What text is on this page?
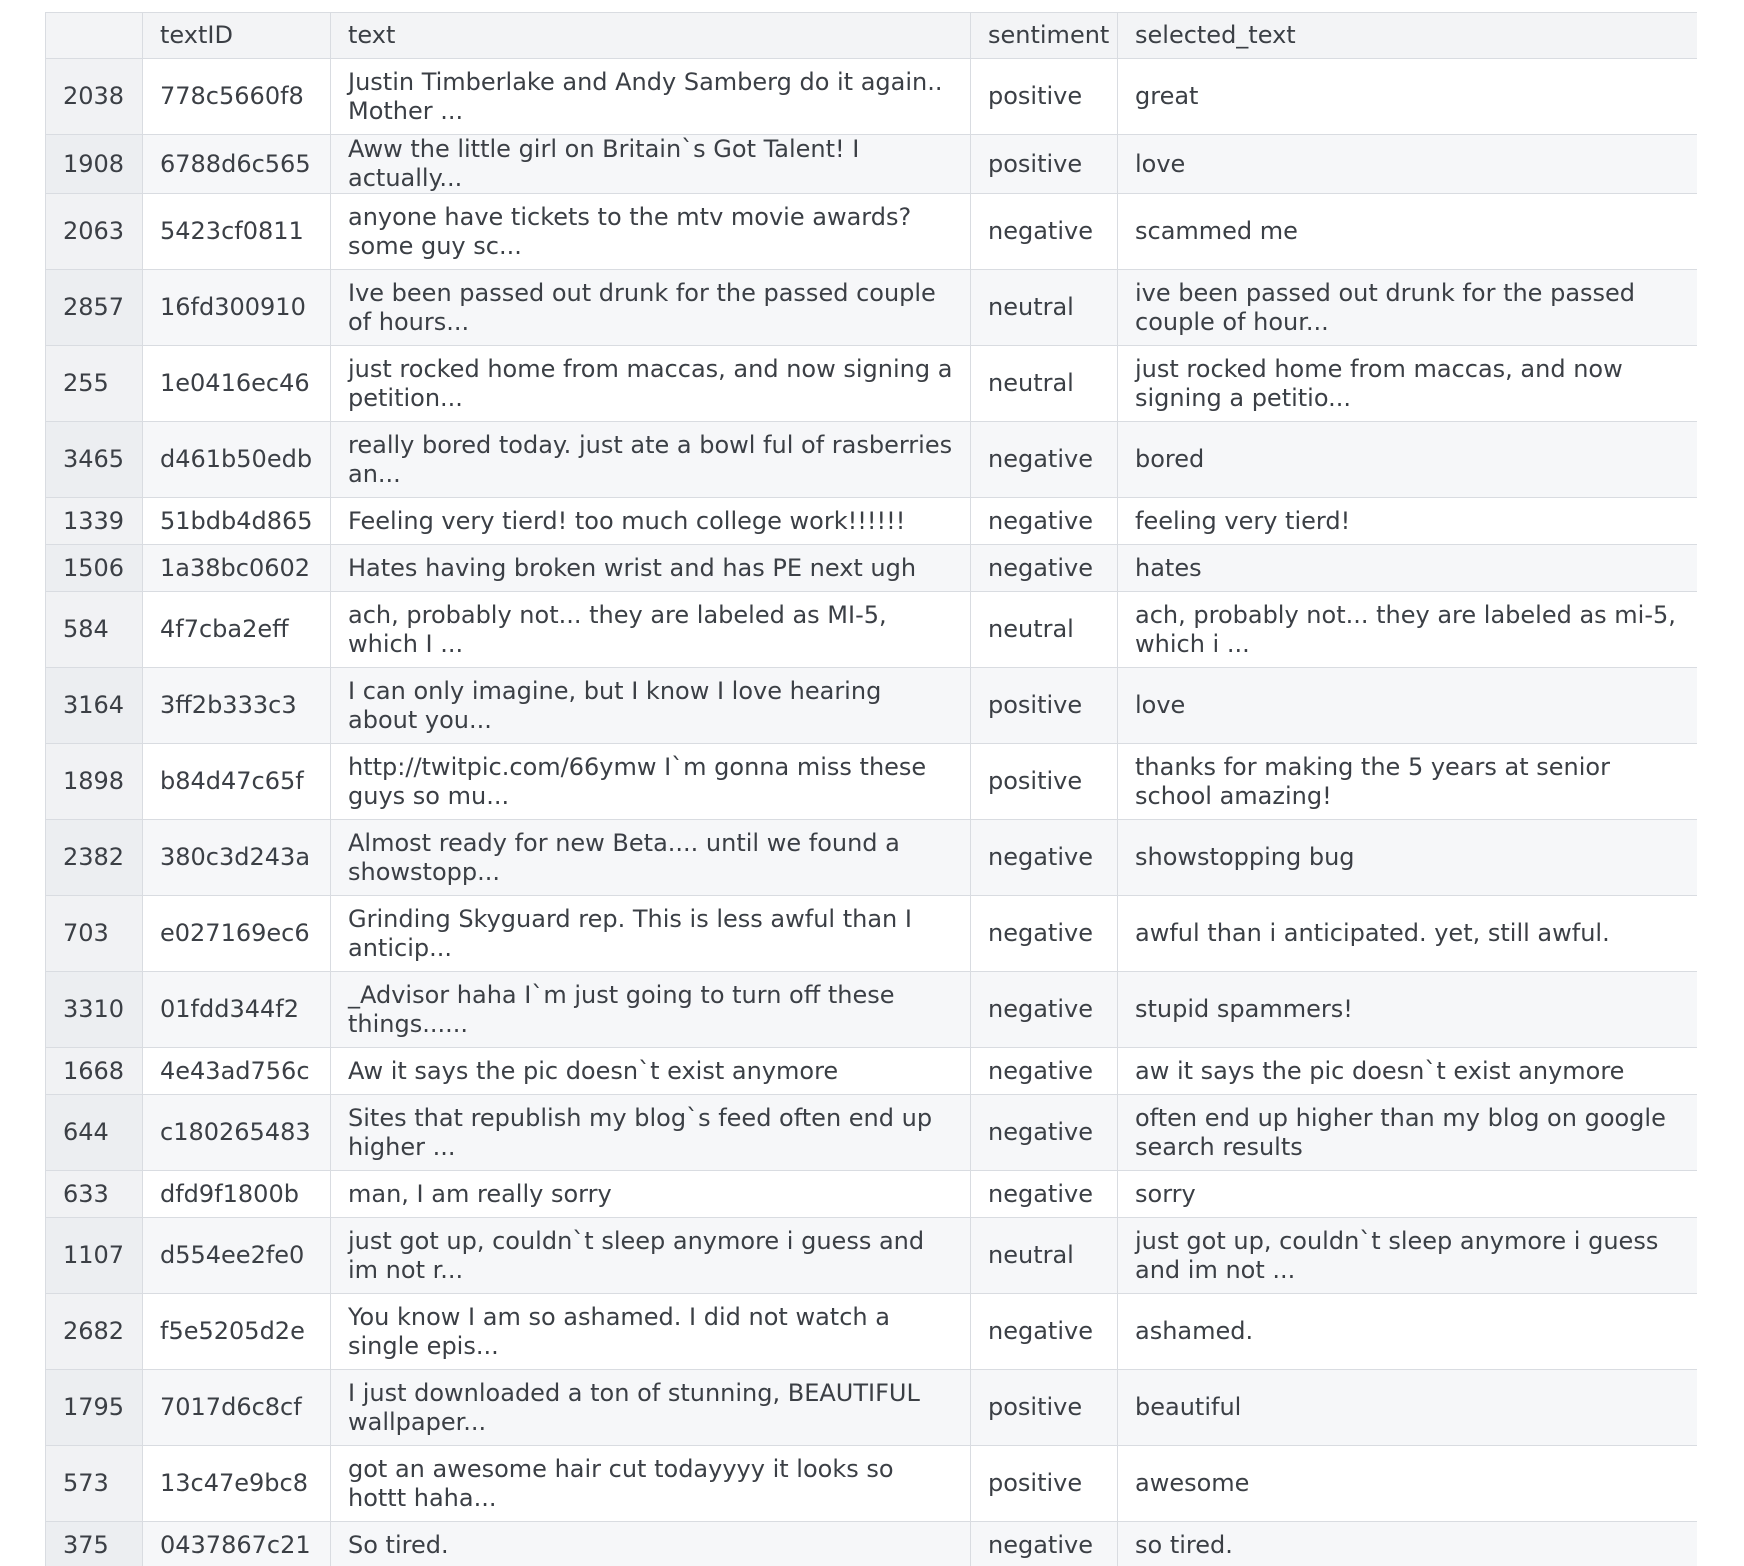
	textID	text	sentiment	selected_text
2038	778c5660f8	Justin Timberlake and Andy Samberg do it again.. Mother ...	positive	great
1908	6788d6c565	Aww the little girl on Britain`s Got Talent! I actually...	positive	love
2063	5423cf0811	anyone have tickets to the mtv movie awards? some guy sc...	negative	scammed me
2857	16fd300910	Ive been passed out drunk for the passed couple of hours...	neutral	ive been passed out drunk for the passed couple of hour...
255	1e0416ec46	just rocked home from maccas, and now signing a petition...	neutral	just rocked home from maccas, and now signing a petitio...
3465	d461b50edb	really bored today. just ate a bowl ful of rasberries an...	negative	bored
1339	51bdb4d865	Feeling very tierd! too much college work!!!!!!	negative	feeling very tierd!
1506	1a38bc0602	Hates having broken wrist and has PE next ugh	negative	hates
584	4f7cba2eff	ach, probably not... they are labeled as MI-5, which I ...	neutral	ach, probably not... they are labeled as mi-5, which i ...
3164	3ff2b333c3	I can only imagine, but I know I love hearing about you...	positive	love
1898	b84d47c65f	http://twitpic.com/66ymw I`m gonna miss these guys so mu...	positive	thanks for making the 5 years at senior school amazing!
2382	380c3d243a	Almost ready for new Beta.... until we found a showstopp...	negative	showstopping bug
703	e027169ec6	Grinding Skyguard rep. This is less awful than I anticip...	negative	awful than i anticipated. yet, still awful.
3310	01fdd344f2	_Advisor haha I`m just going to turn off these things......	negative	stupid spammers!
1668	4e43ad756c	Aw it says the pic doesn`t exist anymore	negative	aw it says the pic doesn`t exist anymore
644	c180265483	Sites that republish my blog`s feed often end up higher ...	negative	often end up higher than my blog on google search results
633	dfd9f1800b	man, I am really sorry	negative	sorry
1107	d554ee2fe0	just got up, couldn`t sleep anymore i guess and im not r...	neutral	just got up, couldn`t sleep anymore i guess and im not ...
2682	f5e5205d2e	You know I am so ashamed. I did not watch a single epis...	negative	ashamed.
1795	7017d6c8cf	I just downloaded a ton of stunning, BEAUTIFUL wallpaper...	positive	beautiful
573	13c47e9bc8	got an awesome hair cut todayyyy it looks so hottt haha...	positive	awesome
375	0437867c21	So tired.	negative	so tired.
